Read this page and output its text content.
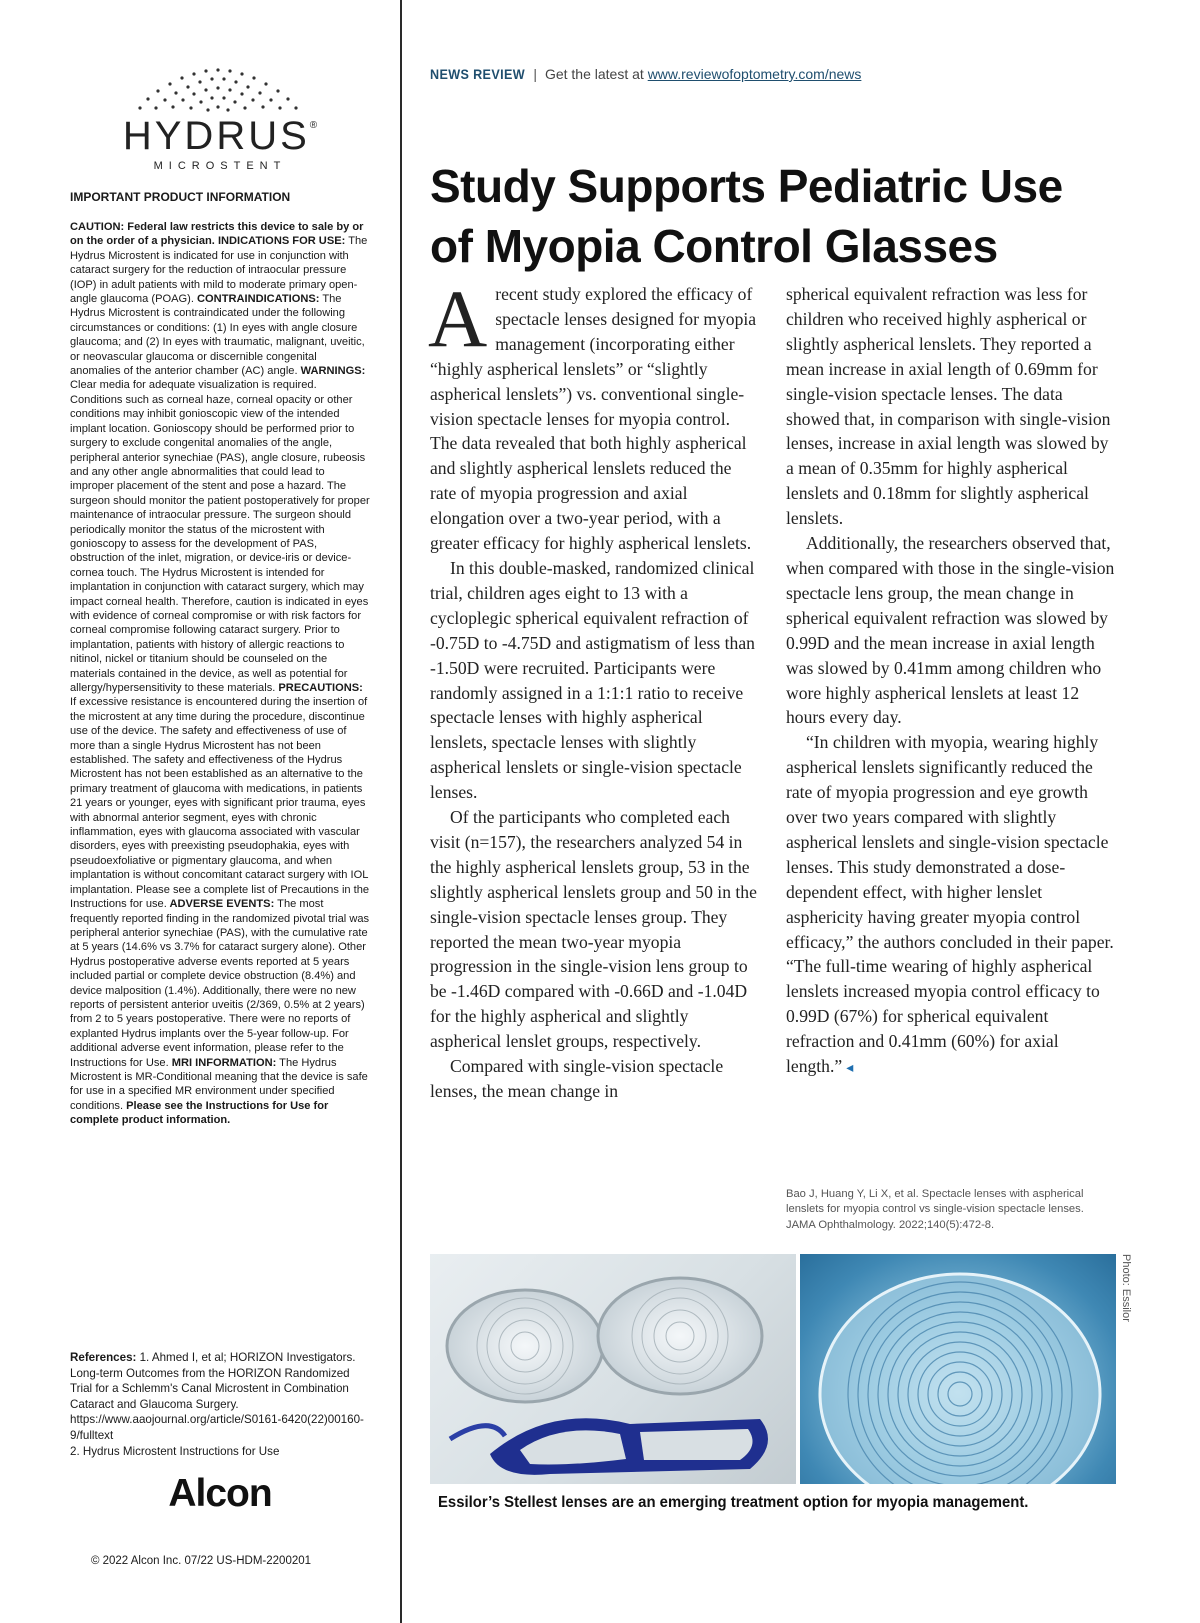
HYDRUS®
MICROSTENT
IMPORTANT PRODUCT INFORMATION
CAUTION: Federal law restricts this device to sale by or on the order of a physician. INDICATIONS FOR USE: The Hydrus Microstent is indicated for use in conjunction with cataract surgery for the reduction of intraocular pressure (IOP) in adult patients with mild to moderate primary open-angle glaucoma (POAG). CONTRAINDICATIONS: The Hydrus Microstent is contraindicated under the following circumstances or conditions: (1) In eyes with angle closure glaucoma; and (2) In eyes with traumatic, malignant, uveitic, or neovascular glaucoma or discernible congenital anomalies of the anterior chamber (AC) angle. WARNINGS: Clear media for adequate visualization is required. Conditions such as corneal haze, corneal opacity or other conditions may inhibit gonioscopic view of the intended implant location. Gonioscopy should be performed prior to surgery to exclude congenital anomalies of the angle, peripheral anterior synechiae (PAS), angle closure, rubeosis and any other angle abnormalities that could lead to improper placement of the stent and pose a hazard. The surgeon should monitor the patient postoperatively for proper maintenance of intraocular pressure. The surgeon should periodically monitor the status of the microstent with gonioscopy to assess for the development of PAS, obstruction of the inlet, migration, or device-iris or device-cornea touch. The Hydrus Microstent is intended for implantation in conjunction with cataract surgery, which may impact corneal health. Therefore, caution is indicated in eyes with evidence of corneal compromise or with risk factors for corneal compromise following cataract surgery. Prior to implantation, patients with history of allergic reactions to nitinol, nickel or titanium should be counseled on the materials contained in the device, as well as potential for allergy/hypersensitivity to these materials. PRECAUTIONS: If excessive resistance is encountered during the insertion of the microstent at any time during the procedure, discontinue use of the device. The safety and effectiveness of use of more than a single Hydrus Microstent has not been established. The safety and effectiveness of the Hydrus Microstent has not been established as an alternative to the primary treatment of glaucoma with medications, in patients 21 years or younger, eyes with significant prior trauma, eyes with abnormal anterior segment, eyes with chronic inflammation, eyes with glaucoma associated with vascular disorders, eyes with preexisting pseudophakia, eyes with pseudoexfoliative or pigmentary glaucoma, and when implantation is without concomitant cataract surgery with IOL implantation. Please see a complete list of Precautions in the Instructions for use. ADVERSE EVENTS: The most frequently reported finding in the randomized pivotal trial was peripheral anterior synechiae (PAS), with the cumulative rate at 5 years (14.6% vs 3.7% for cataract surgery alone). Other Hydrus postoperative adverse events reported at 5 years included partial or complete device obstruction (8.4%) and device malposition (1.4%). Additionally, there were no new reports of persistent anterior uveitis (2/369, 0.5% at 2 years) from 2 to 5 years postoperative. There were no reports of explanted Hydrus implants over the 5-year follow-up. For additional adverse event information, please refer to the Instructions for Use. MRI INFORMATION: The Hydrus Microstent is MR-Conditional meaning that the device is safe for use in a specified MR environment under specified conditions. Please see the Instructions for Use for complete product information.
References: 1. Ahmed I, et al; HORIZON Investigators. Long-term Outcomes from the HORIZON Randomized Trial for a Schlemm's Canal Microstent in Combination Cataract and Glaucoma Surgery. https://www.aaojournal.org/article/S0161-6420(22)00160-9/fulltext
2. Hydrus Microstent Instructions for Use
Alcon
© 2022 Alcon Inc. 07/22 US-HDM-2200201
NEWS REVIEW | Get the latest at www.reviewofoptometry.com/news
Study Supports Pediatric Use
of Myopia Control Glasses

A recent study explored the efficacy of spectacle lenses designed for myopia management (incorporating either “highly aspherical lenslets” or “slightly aspherical lenslets”) vs. conventional single-vision spectacle lenses for myopia control. The data revealed that both highly aspherical and slightly aspherical lenslets reduced the rate of myopia progression and axial elongation over a two-year period, with a greater efficacy for highly aspherical lenslets.

In this double-masked, randomized clinical trial, children ages eight to 13 with a cycloplegic spherical equivalent refraction of -0.75D to -4.75D and astigmatism of less than -1.50D were recruited. Participants were randomly assigned in a 1:1:1 ratio to receive spectacle lenses with highly aspherical lenslets, spectacle lenses with slightly aspherical lenslets or single-vision spectacle lenses.

Of the participants who completed each visit (n=157), the researchers analyzed 54 in the highly aspherical lenslets group, 53 in the slightly aspherical lenslets group and 50 in the single-vision spectacle lenses group. They reported the mean two-year myopia progression in the single-vision lens group to be -1.46D compared with -0.66D and -1.04D for the highly aspherical and slightly aspherical lenslet groups, respectively.

Compared with single-vision spectacle lenses, the mean change in

spherical equivalent refraction was less for children who received highly aspherical or slightly aspherical lenslets. They reported a mean increase in axial length of 0.69mm for single-vision spectacle lenses. The data showed that, in comparison with single-vision lenses, increase in axial length was slowed by a mean of 0.35mm for highly aspherical lenslets and 0.18mm for slightly aspherical lenslets.

Additionally, the researchers observed that, when compared with those in the single-vision spectacle lens group, the mean change in spherical equivalent refraction was slowed by 0.99D and the mean increase in axial length was slowed by 0.41mm among children who wore highly aspherical lenslets at least 12 hours every day.

“In children with myopia, wearing highly aspherical lenslets significantly reduced the rate of myopia progression and eye growth over two years compared with slightly aspherical lenslets and single-vision spectacle lenses. This study demonstrated a dose-dependent effect, with higher lenslet asphericity having greater myopia control efficacy,” the authors concluded in their paper. “The full-time wearing of highly aspherical lenslets increased myopia control efficacy to 0.99D (67%) for spherical equivalent refraction and 0.41mm (60%) for axial length.” ◂

Bao J, Huang Y, Li X, et al. Spectacle lenses with aspherical lenslets for myopia control vs single-vision spectacle lenses. JAMA Ophthalmology. 2022;140(5):472-8.
Photo: Essilor
Essilor’s Stellest lenses are an emerging treatment option for myopia management.
